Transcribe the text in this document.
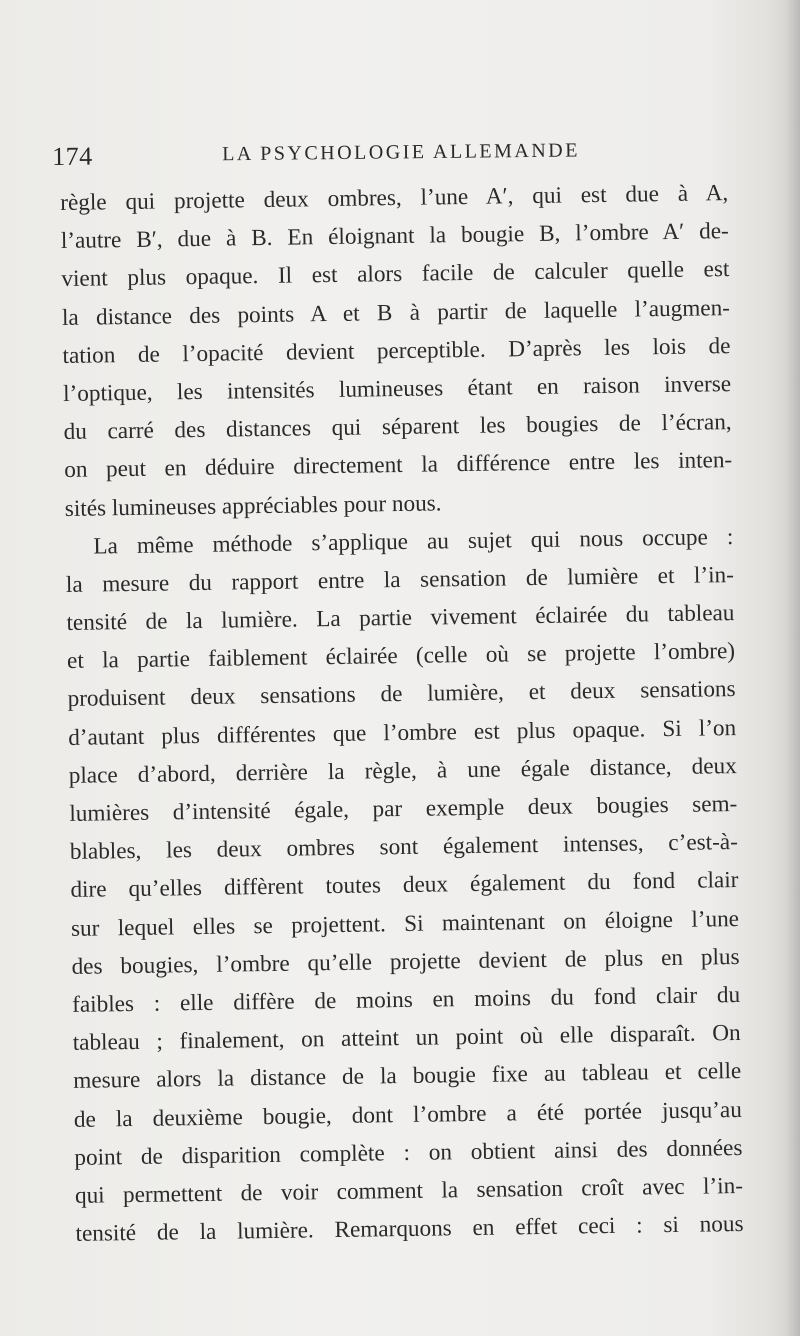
174	LA PSYCHOLOGIE ALLEMANDE
règle qui projette deux ombres, l’une A′, qui est due à A,
l’autre B′, due à B. En éloignant la bougie B, l’ombre A′ de-
vient plus opaque. Il est alors facile de calculer quelle est
la distance des points A et B à partir de laquelle l’augmen-
tation de l’opacité devient perceptible. D’après les lois de
l’optique, les intensités lumineuses étant en raison inverse
du carré des distances qui séparent les bougies de l’écran,
on peut en déduire directement la différence entre les inten-
sités lumineuses appréciables pour nous.
La même méthode s’applique au sujet qui nous occupe :
la mesure du rapport entre la sensation de lumière et l’in-
tensité de la lumière. La partie vivement éclairée du tableau
et la partie faiblement éclairée (celle où se projette l’ombre)
produisent deux sensations de lumière, et deux sensations
d’autant plus différentes que l’ombre est plus opaque. Si l’on
place d’abord, derrière la règle, à une égale distance, deux
lumières d’intensité égale, par exemple deux bougies sem-
blables, les deux ombres sont également intenses, c’est-à-
dire qu’elles diffèrent toutes deux également du fond clair
sur lequel elles se projettent. Si maintenant on éloigne l’une
des bougies, l’ombre qu’elle projette devient de plus en plus
faibles : elle diffère de moins en moins du fond clair du
tableau ; finalement, on atteint un point où elle disparaît. On
mesure alors la distance de la bougie fixe au tableau et celle
de la deuxième bougie, dont l’ombre a été portée jusqu’au
point de disparition complète : on obtient ainsi des données
qui permettent de voir comment la sensation croît avec l’in-
tensité de la lumière. Remarquons en effet ceci : si nous
